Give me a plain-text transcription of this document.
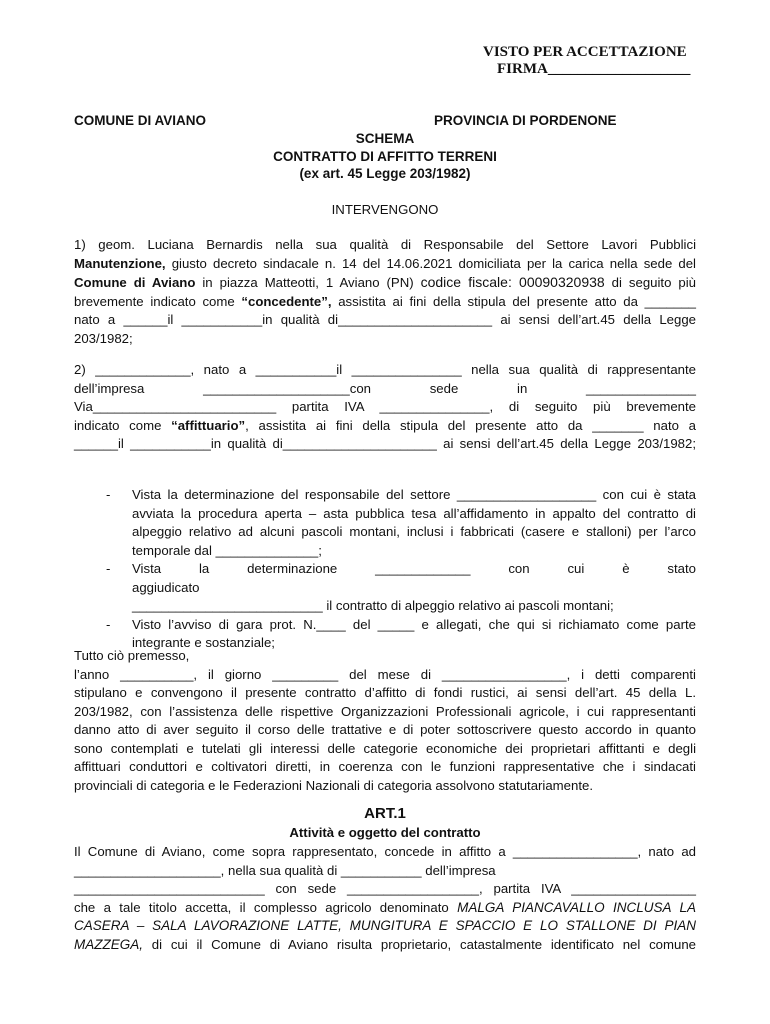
VISTO PER ACCETTAZIONE
FIRMA___________________
COMUNE DI AVIANO	PROVINCIA DI PORDENONE
SCHEMA
CONTRATTO DI AFFITTO TERRENI
(ex art. 45 Legge 203/1982)
INTERVENGONO
1) geom. Luciana Bernardis nella sua qualità di Responsabile del Settore Lavori Pubblici
Manutenzione, giusto decreto sindacale n. 14 del 14.06.2021 domiciliata per la carica nella sede del
Comune di Aviano in piazza Matteotti, 1 Aviano (PN) codice fiscale: 00090320938 di seguito più
brevemente indicato come “concedente”, assistita ai fini della stipula del presente atto da _______
nato a ______il ___________in qualità di_____________________ ai sensi dell’art.45 della Legge
203/1982;
2) _____________, nato a ___________il _______________ nella sua qualità di rappresentante
dell’impresa ____________________con sede in _______________
Via_________________________ partita IVA _______________, di seguito più brevemente
indicato come “affittuario”, assistita ai fini della stipula del presente atto da _______ nato a
______il ___________in qualità di_____________________ ai sensi dell’art.45 della Legge 203/1982;
- Vista la determinazione del responsabile del settore ___________________ con cui è stata
avviata la procedura aperta – asta pubblica tesa all’affidamento in appalto del contratto di
alpeggio relativo ad alcuni pascoli montani, inclusi i fabbricati (casere e stalloni) per l’arco
temporale dal ______________;
- Vista la determinazione _____________ con cui è stato aggiudicato
__________________________ il contratto di alpeggio relativo ai pascoli montani;
- Visto l’avviso di gara prot. N.____ del _____ e allegati, che qui si richiamato come parte
integrante e sostanziale;
Tutto ciò premesso,
l’anno __________, il giorno _________ del mese di _________________, i detti comparenti
stipulano e convengono il presente contratto d’affitto di fondi rustici, ai sensi dell’art. 45 della L.
203/1982, con l’assistenza delle rispettive Organizzazioni Professionali agricole, i cui rappresentanti
danno atto di aver seguito il corso delle trattative e di poter sottoscrivere questo accordo in quanto
sono contemplati e tutelati gli interessi delle categorie economiche dei proprietari affittanti e degli
affittuari conduttori e coltivatori diretti, in coerenza con le funzioni rappresentative che i sindacati
provinciali di categoria e le Federazioni Nazionali di categoria assolvono statutariamente.
ART.1
Attività e oggetto del contratto
Il Comune di Aviano, come sopra rappresentato, concede in affitto a _________________, nato ad
____________________, nella sua qualità di ___________ dell’impresa
__________________________ con sede __________________, partita IVA _________________
che a tale titolo accetta, il complesso agricolo denominato MALGA PIANCAVALLO INCLUSA LA
CASERA – SALA LAVORAZIONE LATTE, MUNGITURA E SPACCIO E LO STALLONE DI PIAN
MAZZEGA, di cui il Comune di Aviano risulta proprietario, catastalmente identificato nel comune
